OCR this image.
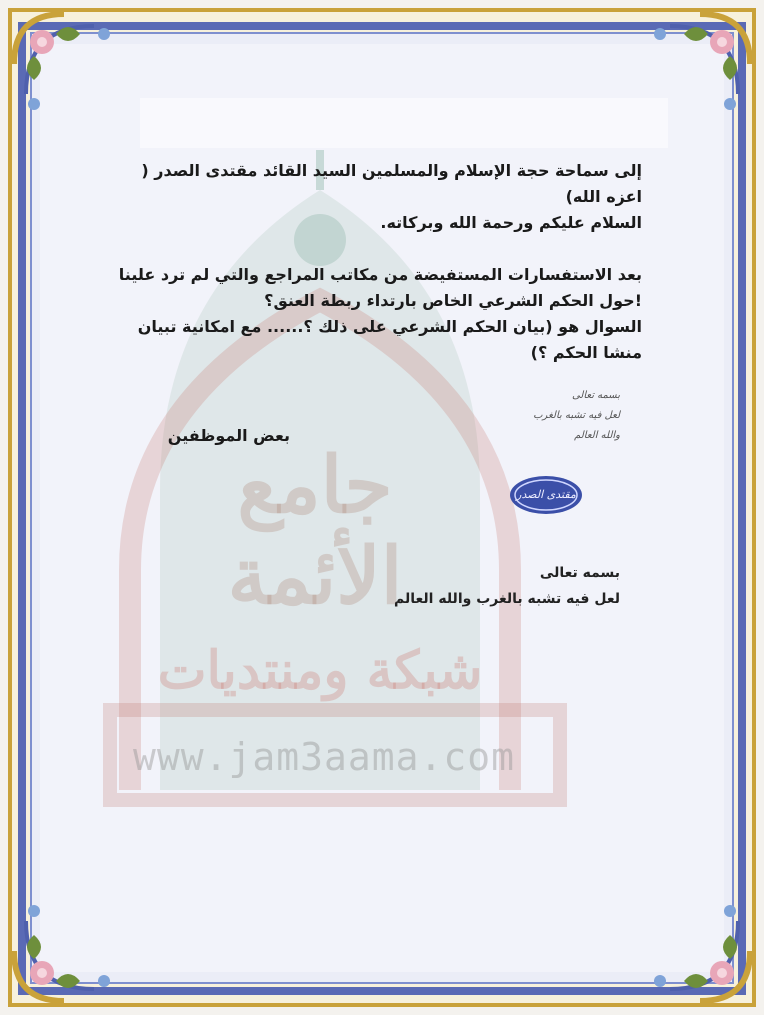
جامع الأئمة
شبكة ومنتديات
www.jam3aama.com

إلى سماحة حجة الإسلام والمسلمين السيد القائد مقتدى الصدر ( اعزه الله)

السلام عليكم ورحمة الله وبركاته.

بعد الاستفسارات المستفيضة من مكاتب المراجع والتي لم ترد علينا !حول الحكم الشرعي الخاص بارتداء ربطة العنق؟

السوال هو (بيان الحكم الشرعي على ذلك ؟...... مع امكانية تبيان منشا الحكم ؟)

بعض الموظفين
بسمه تعالى
لعل فيه تشبه بالغرب
والله العالم
مقتدى الصدر
بسمه تعالى
لعل فيه تشبه بالغرب والله العالم
